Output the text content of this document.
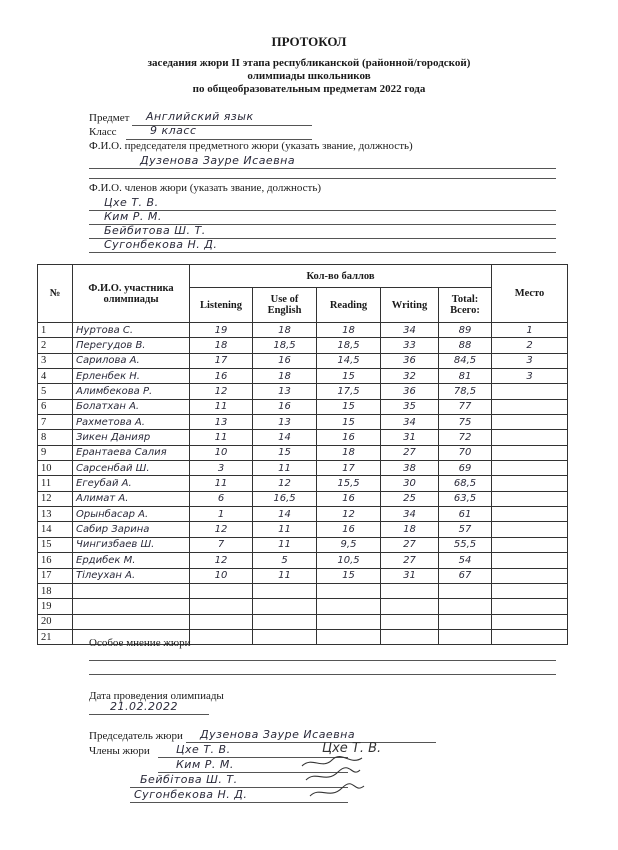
ПРОТОКОЛ
заседания жюри II этапа республиканской (районной/городской)
олимпиады школьников
по общеобразовательным предметам 2022 года
Предмет Английский язык
Класс	9 класс
Ф.И.О. председателя предметного жюри (указать звание, должность)
Дузенова Зауре Исаевна
Ф.И.О. членов жюри (указать звание, должность)
Цхе Т. В.
Ким Р. М.
Бейбитова Ш. Т.
Сугонбекова Н. Д.
№	Ф.И.О. участника олимпиады	Кол-во баллов					Место
		Listening	Use of English	Reading	Writing	Total: Всего:	
1	Нуртова С.	19	18	18	34	89	1
2	Перегудов В.	18	18,5	18,5	33	88	2
3	Сарилова А.	17	16	14,5	36	84,5	3
4	Ерленбек Н.	16	18	15	32	81	3
5	Алимбекова Р.	12	13	17,5	36	78,5	
6	Болатхан А.	11	16	15	35	77	
7	Рахметова А.	13	13	15	34	75	
8	Зикен Данияр	11	14	16	31	72	
9	Ерантаева Салия	10	15	18	27	70	
10	Сарсенбай Ш.	3	11	17	38	69	
11	Егеубай А.	11	12	15,5	30	68,5	
12	Алимат А.	6	16,5	16	25	63,5	
13	Орынбасар А.	1	14	12	34	61	
14	Сабир Зарина	12	11	16	18	57	
15	Чингизбаев Ш.	7	11	9,5	27	55,5	
16	Ердибек М.	12	5	10,5	27	54	
17	Тілеухан А.	10	11	15	31	67	
18							
19							
20							
21								Особое мнение жюри
Дата проведения олимпиады
21.02.2022
Председатель жюри Дузенова Зауре Исаевна
Члены жюри Цхе Т. В.
Ким Р. М.
Бейбітова Ш. Т.
Сугонбекова Н. Д.
Цхе Т. В.
